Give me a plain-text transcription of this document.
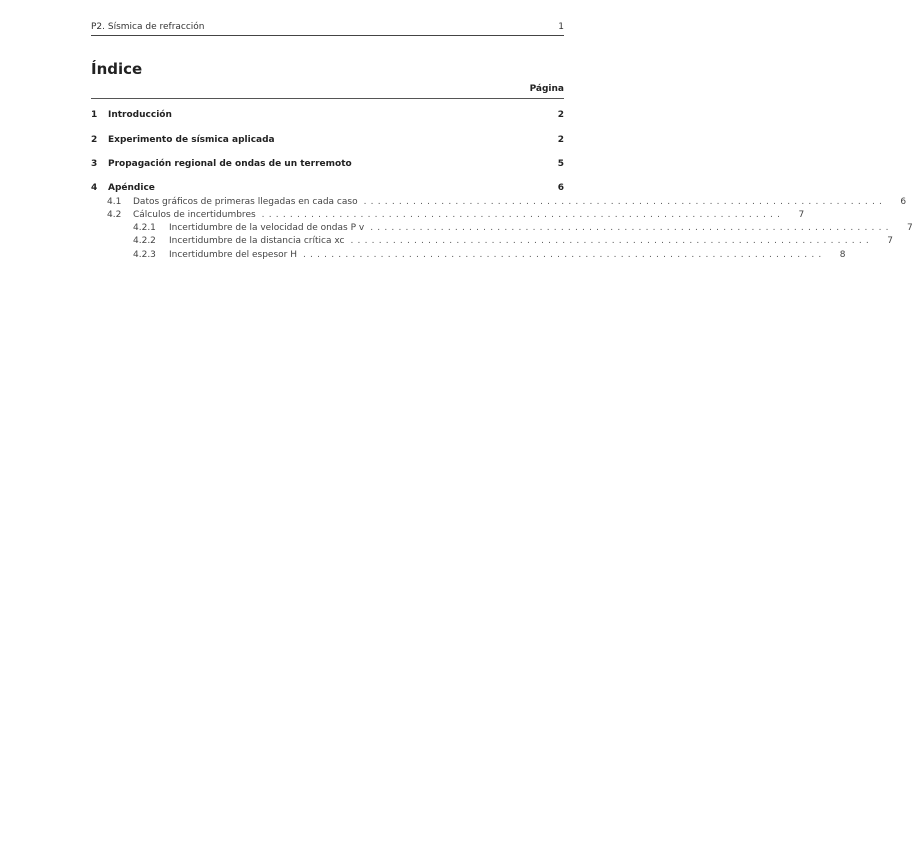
P2. Sísmica de refracción	1
Índice
Página
1	Introducción	2
2	Experimento de sísmica aplicada	2
3	Propagación regional de ondas de un terremoto	5
4	Apéndice	6
4.1	Datos gráficos de primeras llegadas en cada caso ..........................................................................	6
4.2	Cálculos de incertidumbres ..........................................................................	7
4.2.1	Incertidumbre de la velocidad de ondas P v ..........................................................................	7
4.2.2	Incertidumbre de la distancia crítica xc ..........................................................................	7
4.2.3	Incertidumbre del espesor H ..........................................................................	8
